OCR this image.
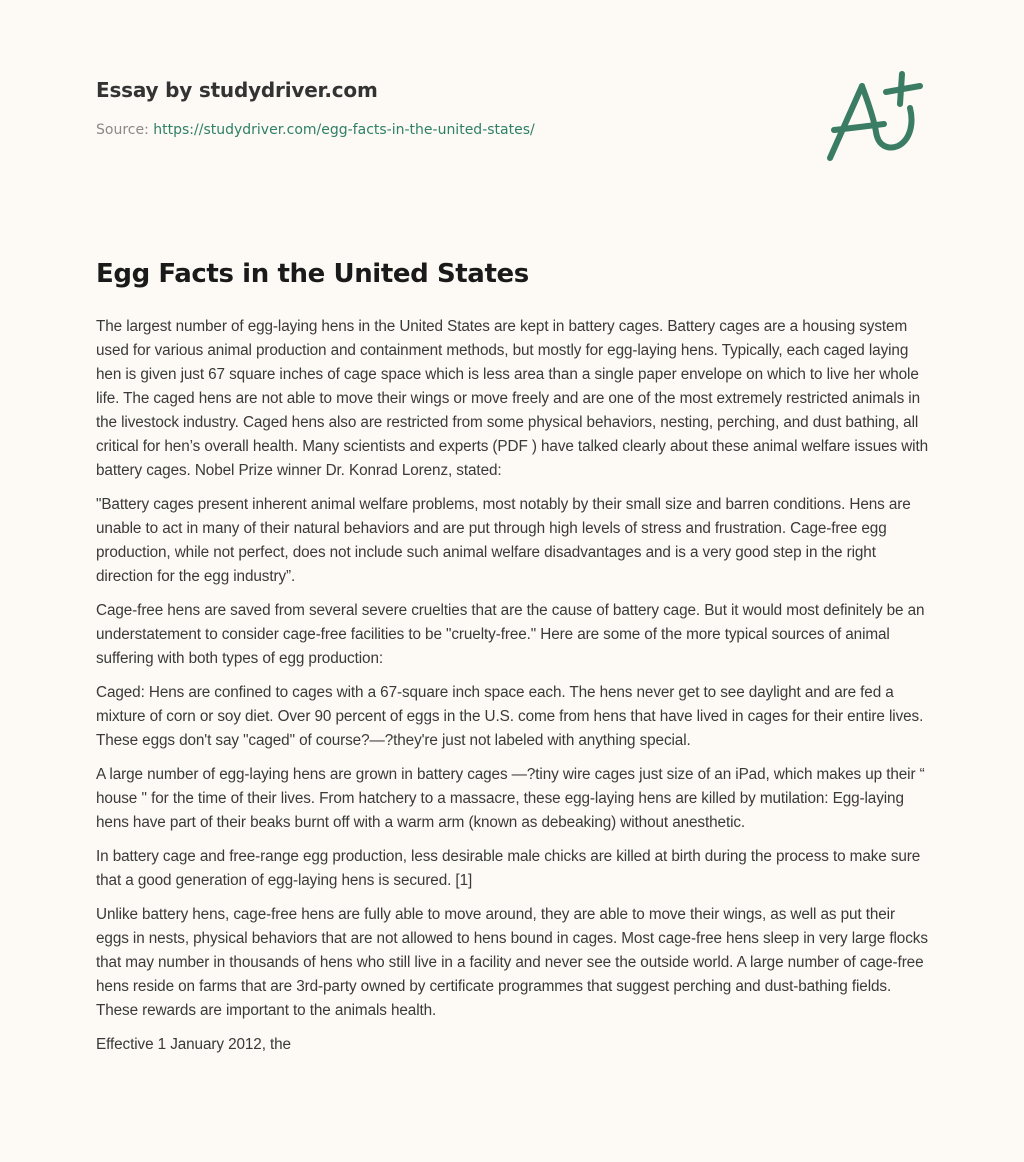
Essay by studydriver.com
Source: https://studydriver.com/egg-facts-in-the-united-states/
Egg Facts in the United States

The largest number of egg-laying hens in the United States are kept in battery cages. Battery cages are a housing system used for various animal production and containment methods, but mostly for egg-laying hens. Typically, each caged laying hen is given just 67 square inches of cage space which is less area than a single paper envelope on which to live her whole life. The caged hens are not able to move their wings or move freely and are one of the most extremely restricted animals in the livestock industry. Caged hens also are restricted from some physical behaviors, nesting, perching, and dust bathing, all critical for hen’s overall health. Many scientists and experts (PDF ) have talked clearly about these animal welfare issues with battery cages. Nobel Prize winner Dr. Konrad Lorenz, stated:

"Battery cages present inherent animal welfare problems, most notably by their small size and barren conditions. Hens are unable to act in many of their natural behaviors and are put through high levels of stress and frustration. Cage-free egg production, while not perfect, does not include such animal welfare disadvantages and is a very good step in the right direction for the egg industry”.

Cage-free hens are saved from several severe cruelties that are the cause of battery cage. But it would most definitely be an understatement to consider cage-free facilities to be "cruelty-free." Here are some of the more typical sources of animal suffering with both types of egg production:

Caged: Hens are confined to cages with a 67-square inch space each. The hens never get to see daylight and are fed a mixture of corn or soy diet. Over 90 percent of eggs in the U.S. come from hens that have lived in cages for their entire lives. These eggs don't say "caged" of course?—?they're just not labeled with anything special.

A large number of egg-laying hens are grown in battery cages —?tiny wire cages just size of an iPad, which makes up their “ house '' for the time of their lives. From hatchery to a massacre, these egg-laying hens are killed by mutilation: Egg-laying hens have part of their beaks burnt off with a warm arm (known as debeaking) without anesthetic.

In battery cage and free-range egg production, less desirable male chicks are killed at birth during the process to make sure that a good generation of egg-laying hens is secured. [1]

Unlike battery hens, cage-free hens are fully able to move around, they are able to move their wings, as well as put their eggs in nests, physical behaviors that are not allowed to hens bound in cages. Most cage-free hens sleep in very large flocks that may number in thousands of hens who still live in a facility and never see the outside world. A large number of cage-free hens reside on farms that are 3rd-party owned by certificate programmes that suggest perching and dust-bathing fields. These rewards are important to the animals health.

Effective 1 January 2012, the
